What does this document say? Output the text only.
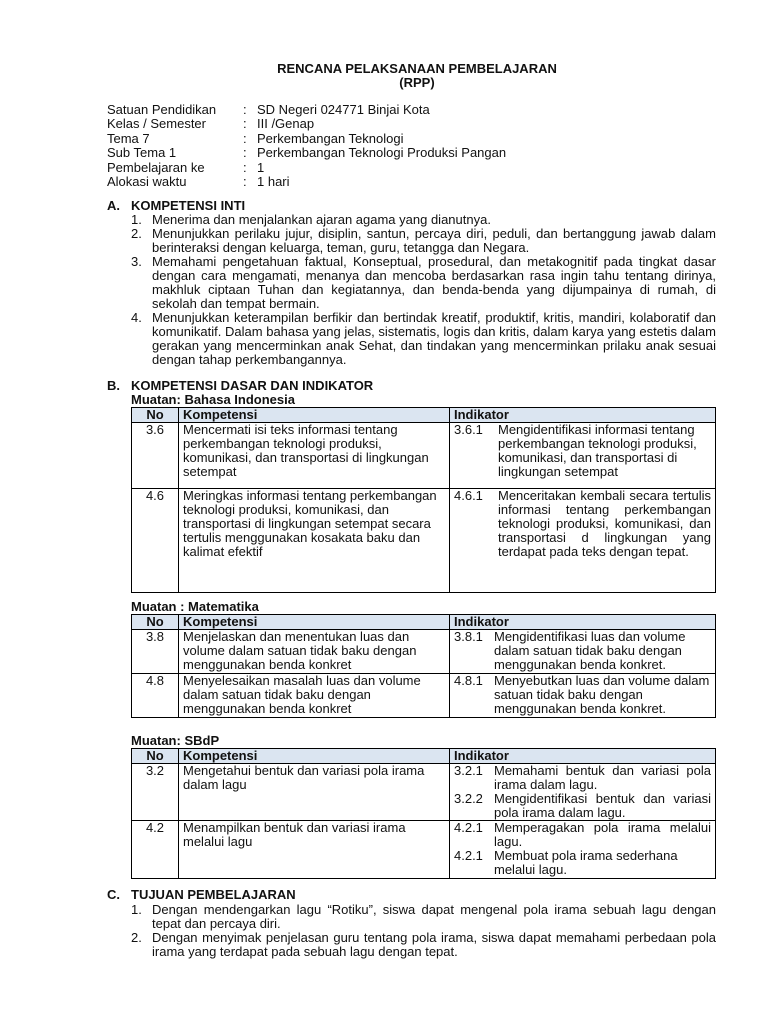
RENCANA PELAKSANAAN PEMBELAJARAN
(RPP)
Satuan Pendidikan	: SD Negeri 024771 Binjai Kota
Kelas / Semester	: III /Genap
Tema 7	: Perkembangan Teknologi
Sub Tema 1	: Perkembangan Teknologi Produksi Pangan
Pembelajaran ke	: 1
Alokasi waktu	: 1 hari
A. KOMPETENSI INTI
1. Menerima dan menjalankan ajaran agama yang dianutnya.
2. Menunjukkan perilaku jujur, disiplin, santun, percaya diri, peduli, dan bertanggung jawab dalam berinteraksi dengan keluarga, teman, guru, tetangga dan Negara.
3. Memahami pengetahuan faktual, Konseptual, prosedural, dan metakognitif pada tingkat dasar dengan cara mengamati, menanya dan mencoba berdasarkan rasa ingin tahu tentang dirinya, makhluk ciptaan Tuhan dan kegiatannya, dan benda-benda yang dijumpainya di rumah, di sekolah dan tempat bermain.
4. Menunjukkan keterampilan berfikir dan bertindak kreatif, produktif, kritis, mandiri, kolaboratif dan komunikatif. Dalam bahasa yang jelas, sistematis, logis dan kritis, dalam karya yang estetis dalam gerakan yang mencerminkan anak Sehat, dan tindakan yang mencerminkan prilaku anak sesuai dengan tahap perkembangannya.
B. KOMPETENSI DASAR DAN INDIKATOR
Muatan: Bahasa Indonesia
No	Kompetensi	Indikator
3.6	Mencermati isi teks informasi tentang perkembangan teknologi produksi, komunikasi, dan transportasi di lingkungan setempat	3.6.1 Mengidentifikasi informasi tentang perkembangan teknologi produksi, komunikasi, dan transportasi di lingkungan setempat

4.6	Meringkas informasi tentang perkembangan teknologi produksi, komunikasi, dan transportasi di lingkungan setempat secara tertulis menggunakan kosakata baku dan kalimat efektif	4.6.1 Menceritakan kembali secara tertulis informasi tentang perkembangan teknologi produksi, komunikasi, dan transportasi d lingkungan yang terdapat pada teks dengan tepat.
Muatan : Matematika
No	Kompetensi	Indikator
3.8	Menjelaskan dan menentukan luas dan volume dalam satuan tidak baku dengan menggunakan benda konkret	3.8.1 Mengidentifikasi luas dan volume dalam satuan tidak baku dengan menggunakan benda konkret.

4.8	Menyelesaikan masalah luas dan volume dalam satuan tidak baku dengan menggunakan benda konkret	4.8.1 Menyebutkan luas dan volume dalam satuan tidak baku dengan menggunakan benda konkret.
Muatan: SBdP
No	Kompetensi	Indikator
3.2	Mengetahui bentuk dan variasi pola irama dalam lagu	3.2.1 Memahami bentuk dan variasi pola irama dalam lagu.
3.2.2 Mengidentifikasi bentuk dan variasi pola irama dalam lagu.

4.2	Menampilkan bentuk dan variasi irama melalui lagu	4.2.1 Memperagakan pola irama melalui lagu.
4.2.1 Membuat pola irama sederhana melalui lagu.
C. TUJUAN PEMBELAJARAN
1. Dengan mendengarkan lagu “Rotiku”, siswa dapat mengenal pola irama sebuah lagu dengan tepat dan percaya diri.
2. Dengan menyimak penjelasan guru tentang pola irama, siswa dapat memahami perbedaan pola irama yang terdapat pada sebuah lagu dengan tepat.
